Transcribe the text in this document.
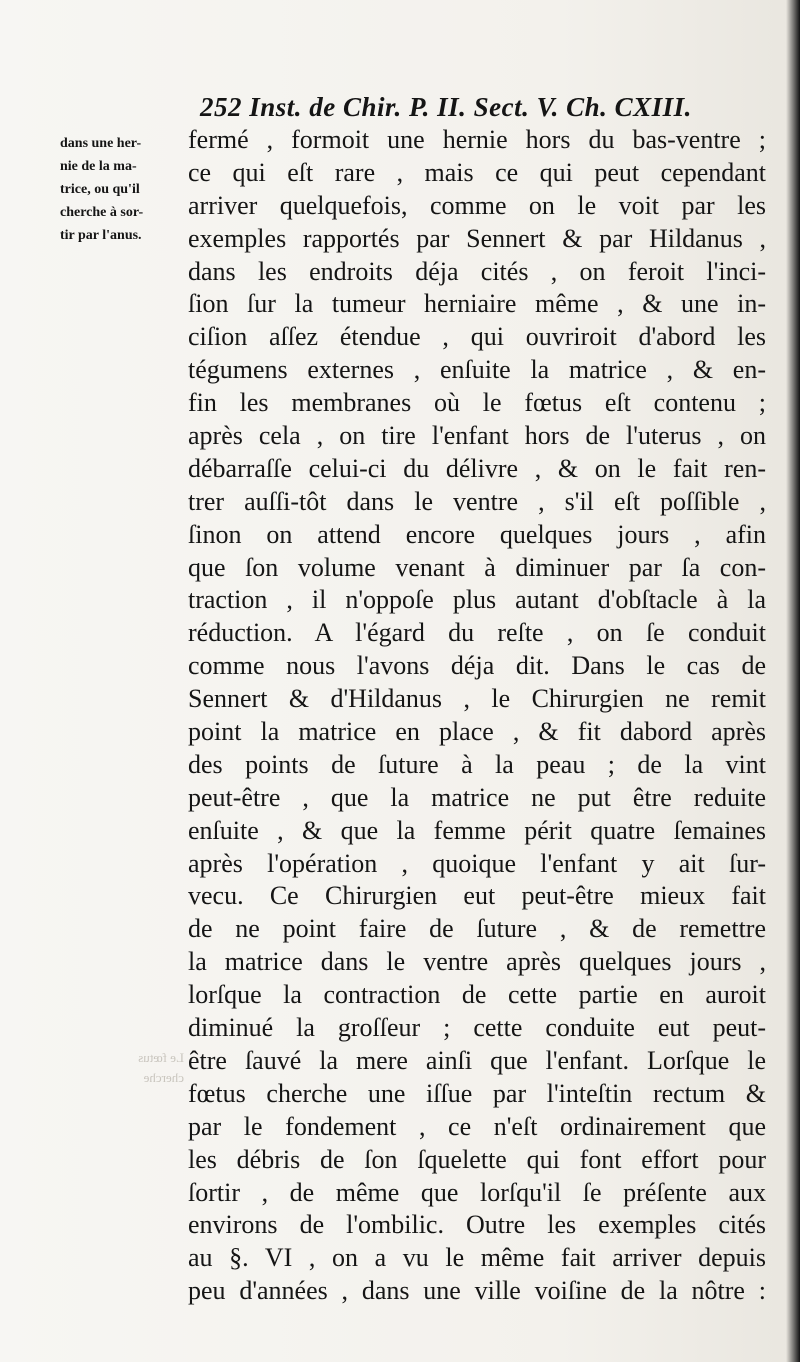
252 Inst. de Chir. P. II. Sect. V. Ch. CXIII.
dans une her-
nie de la ma-
trice, ou qu'il
cherche à sor-
tir par l'anus.
Le fœtus
cherche
fermé , formoit une hernie hors du bas-ventre ;
ce qui eſt rare , mais ce qui peut cependant
arriver quelquefois, comme on le voit par les
exemples rapportés par Sennert & par Hildanus ,
dans les endroits déja cités , on feroit l'inci-
ſion ſur la tumeur herniaire même , & une in-
ciſion aſſez étendue , qui ouvriroit d'abord les
tégumens externes , enſuite la matrice , & en-
fin les membranes où le fœtus eſt contenu ;
après cela , on tire l'enfant hors de l'uterus , on
débarraſſe celui-ci du délivre , & on le fait ren-
trer auſſi-tôt dans le ventre , s'il eſt poſſible ,
ſinon on attend encore quelques jours , afin
que ſon volume venant à diminuer par ſa con-
traction , il n'oppoſe plus autant d'obſtacle à la
réduction. A l'égard du reſte , on ſe conduit
comme nous l'avons déja dit. Dans le cas de
Sennert & d'Hildanus , le Chirurgien ne remit
point la matrice en place , & fit dabord après
des points de ſuture à la peau ; de la vint
peut-être , que la matrice ne put être reduite
enſuite , & que la femme périt quatre ſemaines
après l'opération , quoique l'enfant y ait ſur-
vecu. Ce Chirurgien eut peut-être mieux fait
de ne point faire de ſuture , & de remettre
la matrice dans le ventre après quelques jours ,
lorſque la contraction de cette partie en auroit
diminué la groſſeur ; cette conduite eut peut-
être ſauvé la mere ainſi que l'enfant. Lorſque le
fœtus cherche une iſſue par l'inteſtin rectum &
par le fondement , ce n'eſt ordinairement que
les débris de ſon ſquelette qui font effort pour
ſortir , de même que lorſqu'il ſe préſente aux
environs de l'ombilic. Outre les exemples cités
au §. VI , on a vu le même fait arriver depuis
peu d'années , dans une ville voiſine de la nôtre :
